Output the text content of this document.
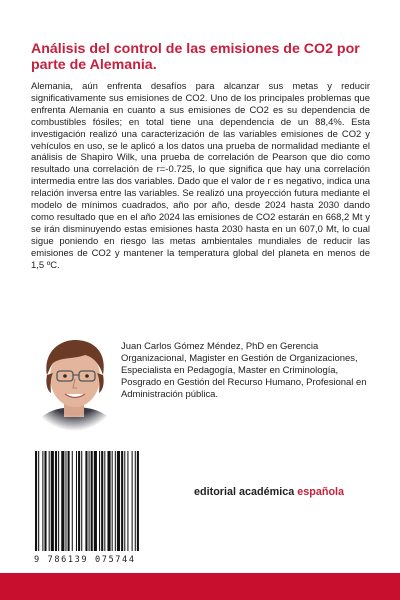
Análisis del control de las emisiones de CO2 por parte de Alemania.

Alemania, aún enfrenta desafíos para alcanzar sus metas y reducir significativamente sus emisiones de CO2. Uno de los principales problemas que enfrenta Alemania en cuanto a sus emisiones de CO2 es su dependencia de combustibles fósiles; en total tiene una dependencia de un 88,4%. Esta investigación realizó una caracterización de las variables emisiones de CO2 y vehículos en uso, se le aplicó a los datos una prueba de normalidad mediante el análisis de Shapiro Wilk, una prueba de correlación de Pearson que dio como resultado una correlación de r=-0.725, lo que significa que hay una correlación intermedia entre las dos variables. Dado que el valor de r es negativo, indica una relación inversa entre las variables. Se realizó una proyección futura mediante el modelo de mínimos cuadrados, año por año, desde 2024 hasta 2030 dando como resultado que en el año 2024 las emisiones de CO2 estarán en 668,2 Mt y se irán disminuyendo estas emisiones hasta 2030 hasta en un 607,0 Mt, lo cual sigue poniendo en riesgo las metas ambientales mundiales de reducir las emisiones de CO2 y mantener la temperatura global del planeta en menos de 1,5 ºC.

Juan Carlos Gómez Méndez, PhD en Gerencia Organizacional, Magister en Gestión de Organizaciones, Especialista en Pedagogía, Master en Criminología, Posgrado en Gestión del Recurso Humano, Profesional en Administración pública.

9 786139 075744
editorial académica española
